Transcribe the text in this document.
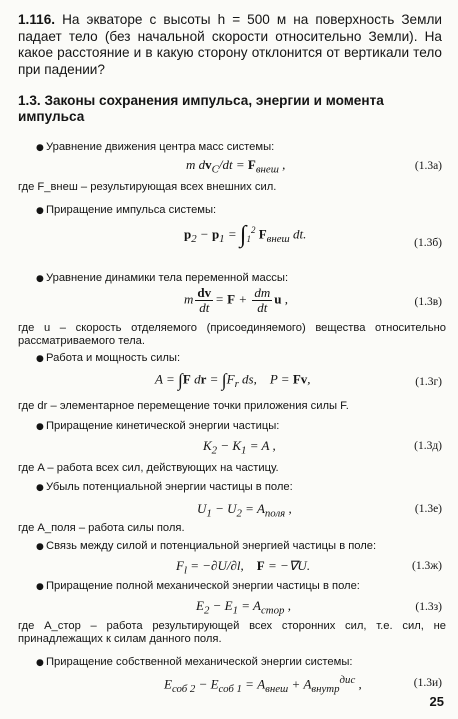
1.116. На экваторе с высоты h = 500 м на поверхность Земли падает тело (без начальной скорости относительно Земли). На какое расстояние и в какую сторону отклонится от вертикали тело при падении?
1.3. Законы сохранения импульса, энергии и момента импульса
● Уравнение движения центра масс системы:
m $dv_C/dt = F_{внеш}$ ,	(1.3а)
где F_внеш – результирующая всех внешних сил.
● Приращение импульса системы:
$p_2 - p_1 = \int_1^2$ $F_{внеш}$ dt.
(1.3б)
● Уравнение динамики тела переменной массы:
m $\frac{dv}{dt} = F + \frac{dm}{dt}$ u ,	(1.3в)
где u – скорость отделяемого (присоединяемого) вещества относительно рассматриваемого тела.
● Работа и мощность силы:
A = ∫F dr = $\int F_r$ ds,    P = Fv,	(1.3г)
где dr – элементарное перемещение точки приложения силы F.
● Приращение кинетической энергии частицы:
$K_2 - K_1 = A$ ,	(1.3д)
где A – работа всех сил, действующих на частицу.
● Убыль потенциальной энергии частицы в поле:
$U_1 - U_2 = A_{поля}$ ,	(1.3е)
где A_поля – работа силы поля.
● Связь между силой и потенциальной энергией частицы в поле:
$F_l = -\partial U/\partial l$,    F = −∇U.	(1.3ж)
● Приращение полной механической энергии частицы в поле:
$E_2 - E_1 = A_{стор}$ ,	(1.3з)
где A_стор – работа результирующей всех сторонних сил, т.е. сил, не принадлежащих к силам данного поля.
● Приращение собственной механической энергии системы:
$E_{соб 2} - E_{соб 1} = A_{внеш} + A_{внутр}^{дис}$ ,	(1.3и)
25
